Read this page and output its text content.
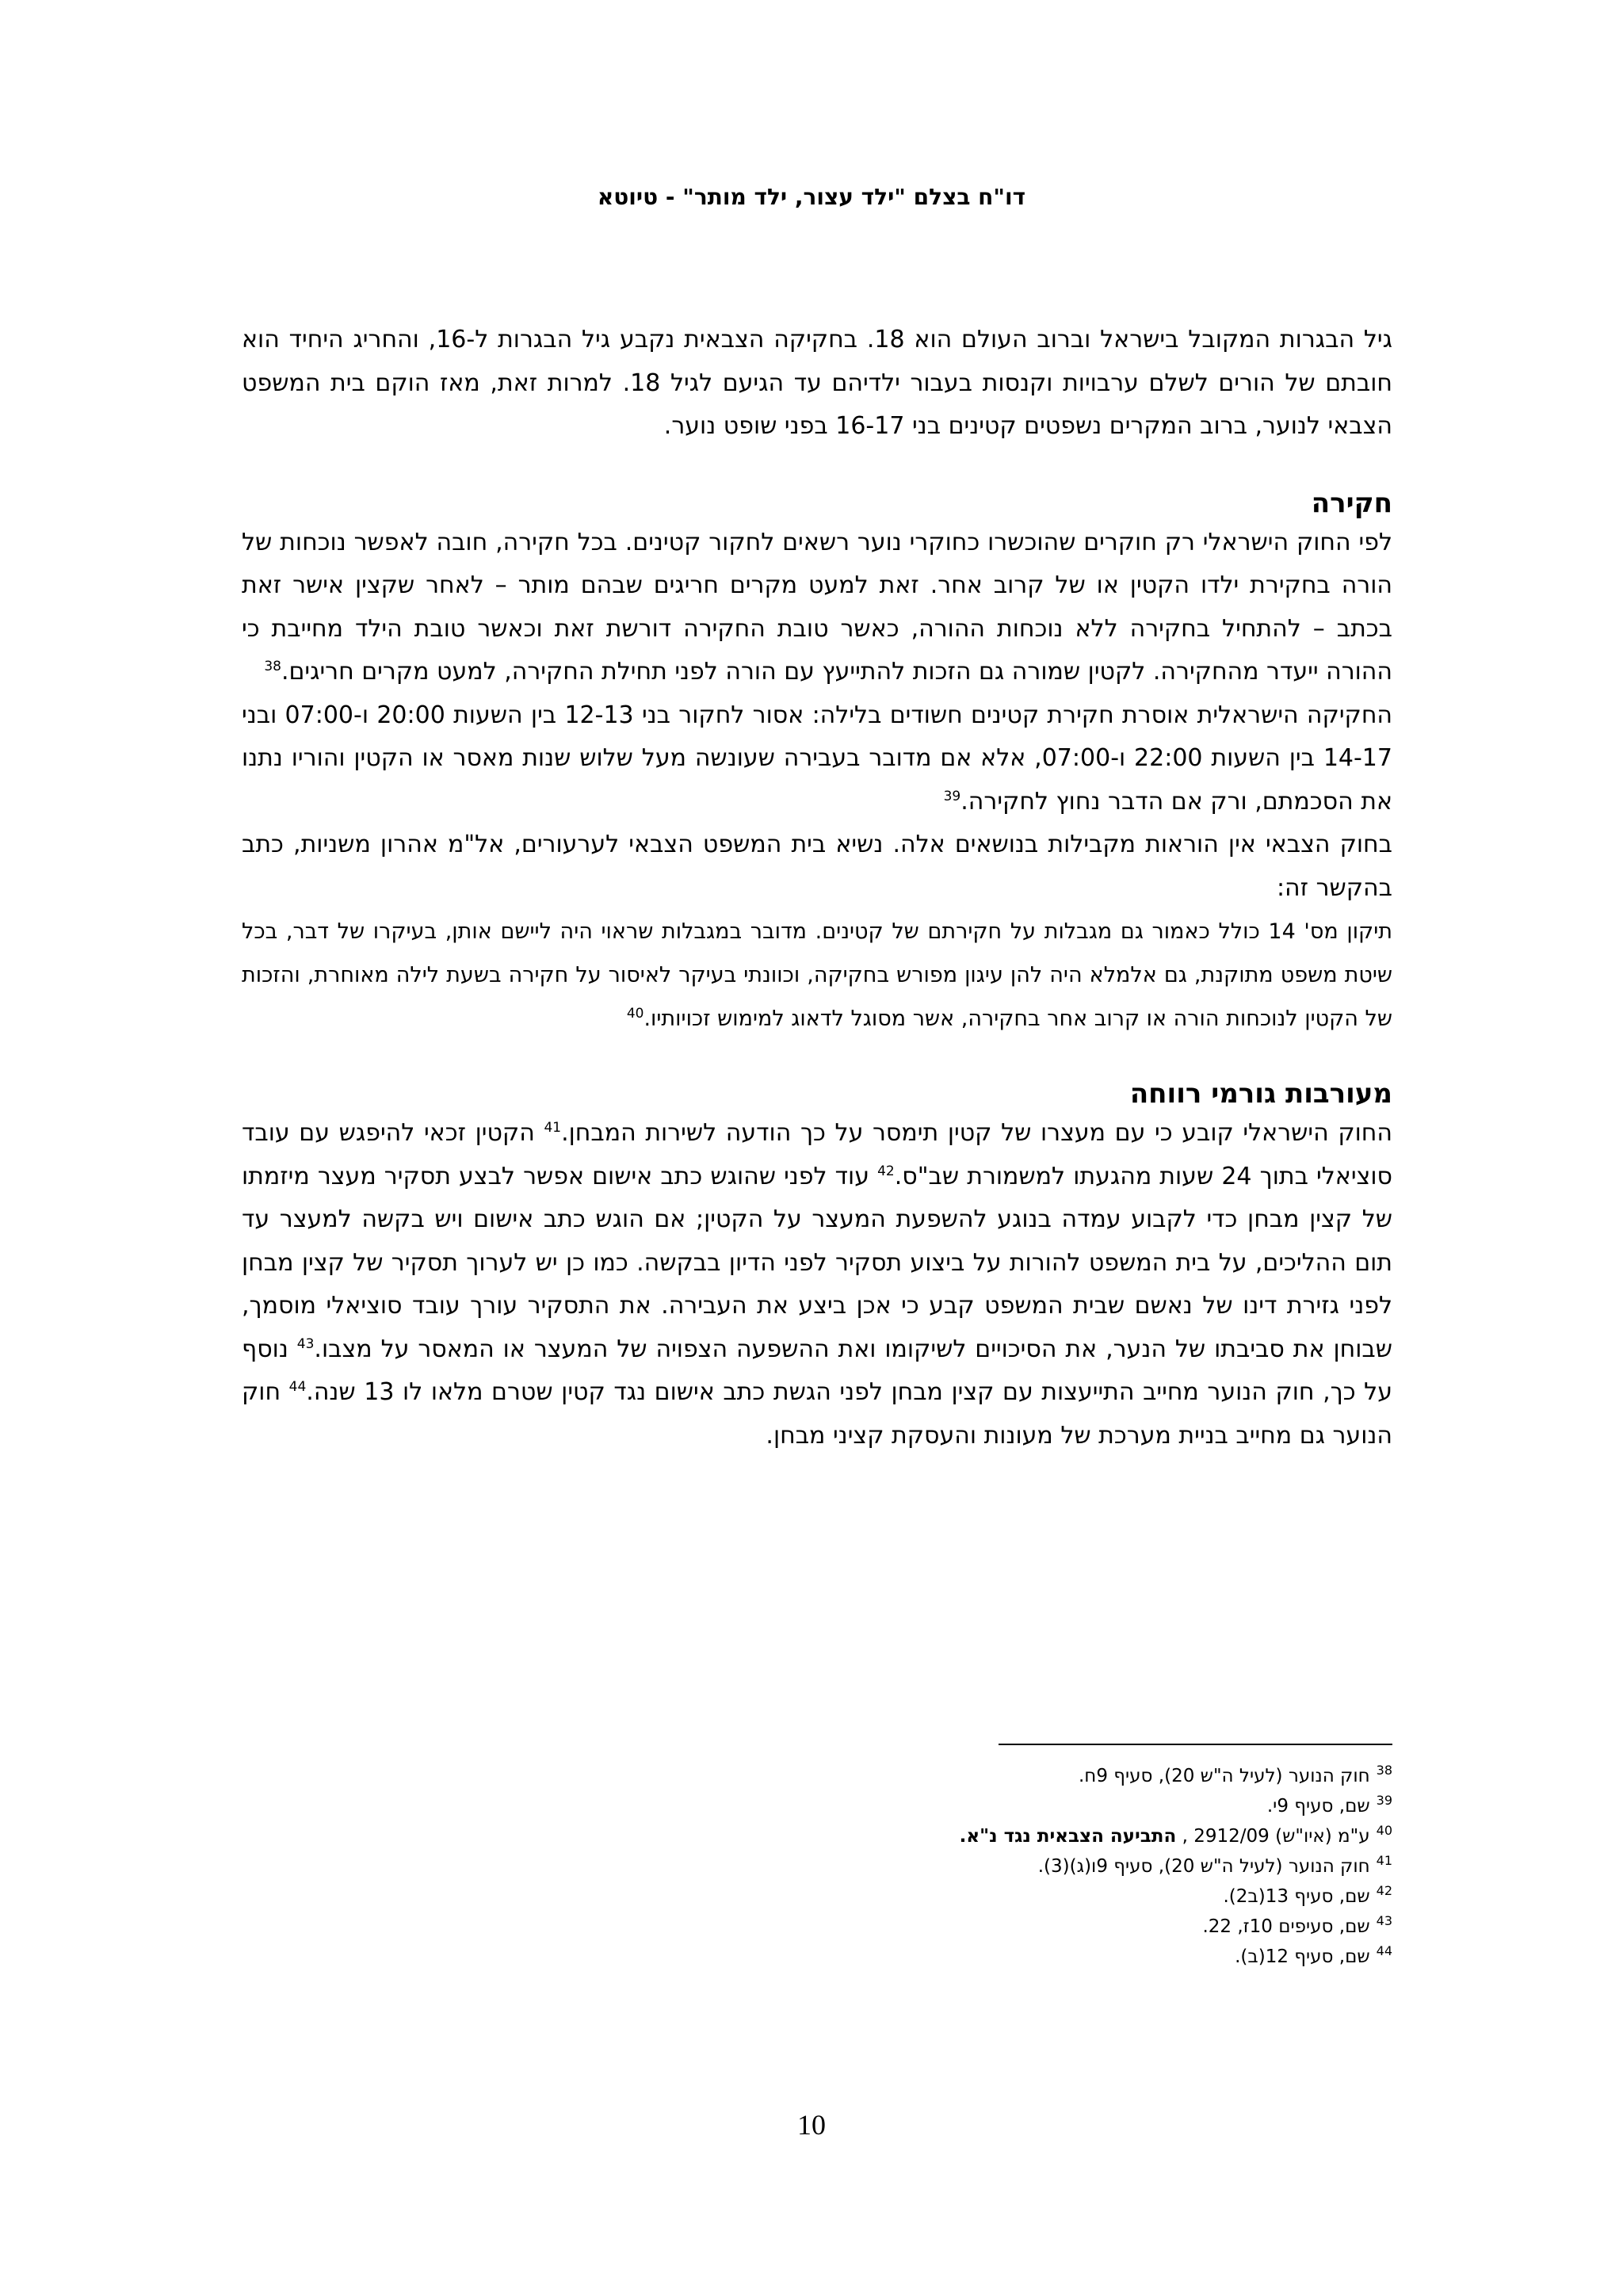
דו"ח בצלם "ילד עצור, ילד מותר" - טיוטא

גיל הבגרות המקובל בישראל וברוב העולם הוא 18. בחקיקה הצבאית נקבע גיל הבגרות ל-16, והחריג היחיד הוא חובתם של הורים לשלם ערבויות וקנסות בעבור ילדיהם עד הגיעם לגיל 18. למרות זאת, מאז הוקם בית המשפט הצבאי לנוער, ברוב המקרים נשפטים קטינים בני 16-17 בפני שופט נוער.

חקירה

לפי החוק הישראלי רק חוקרים שהוכשרו כחוקרי נוער רשאים לחקור קטינים. בכל חקירה, חובה לאפשר נוכחות של הורה בחקירת ילדו הקטין או של קרוב אחר. זאת למעט מקרים חריגים שבהם מותר – לאחר שקצין אישר זאת בכתב – להתחיל בחקירה ללא נוכחות ההורה, כאשר טובת החקירה דורשת זאת וכאשר טובת הילד מחייבת כי ההורה ייעדר מהחקירה. לקטין שמורה גם הזכות להתייעץ עם הורה לפני תחילת החקירה, למעט מקרים חריגים.$^{38}$

החקיקה הישראלית אוסרת חקירת קטינים חשודים בלילה: אסור לחקור בני 12-13 בין השעות 20:00 ו-07:00 ובני 14-17 בין השעות 22:00 ו-07:00, אלא אם מדובר בעבירה שעונשה מעל שלוש שנות מאסר או הקטין והוריו נתנו את הסכמתם, ורק אם הדבר נחוץ לחקירה.$^{39}$

בחוק הצבאי אין הוראות מקבילות בנושאים אלה. נשיא בית המשפט הצבאי לערעורים, אל"מ אהרון משניות, כתב בהקשר זה:

תיקון מס' 14 כולל כאמור גם מגבלות על חקירתם של קטינים. מדובר במגבלות שראוי היה ליישם אותן, בעיקרו של דבר, בכל שיטת משפט מתוקנת, גם אלמלא היה להן עיגון מפורש בחקיקה, וכוונתי בעיקר לאיסור על חקירה בשעת לילה מאוחרת, והזכות של הקטין לנוכחות הורה או קרוב אחר בחקירה, אשר מסוגל לדאוג למימוש זכויותיו.$^{40}$

מעורבות גורמי רווחה

החוק הישראלי קובע כי עם מעצרו של קטין תימסר על כך הודעה לשירות המבחן.$^{41}$ הקטין זכאי להיפגש עם עובד סוציאלי בתוך 24 שעות מהגעתו למשמורת שב"ס.$^{42}$ עוד לפני שהוגש כתב אישום אפשר לבצע תסקיר מעצר מיזמתו של קצין מבחן כדי לקבוע עמדה בנוגע להשפעת המעצר על הקטין; אם הוגש כתב אישום ויש בקשה למעצר עד תום ההליכים, על בית המשפט להורות על ביצוע תסקיר לפני הדיון בבקשה. כמו כן יש לערוך תסקיר של קצין מבחן לפני גזירת דינו של נאשם שבית המשפט קבע כי אכן ביצע את העבירה. את התסקיר עורך עובד סוציאלי מוסמך, שבוחן את סביבתו של הנער, את הסיכויים לשיקומו ואת ההשפעה הצפויה של המעצר או המאסר על מצבו.$^{43}$ נוסף על כך, חוק הנוער מחייב התייעצות עם קצין מבחן לפני הגשת כתב אישום נגד קטין שטרם מלאו לו 13 שנה.$^{44}$ חוק הנוער גם מחייב בניית מערכת של מעונות והעסקת קציני מבחן.

$^{38}$חוק הנוער (לעיל ה"ש 20), סעיף 9ח.
$^{39}$שם, סעיף 9י.
$^{40}$ע"מ (איו"ש) 2912/09 , התביעה הצבאית נגד נ"א.
$^{41}$חוק הנוער (לעיל ה"ש 20), סעיף 9ו(ג)(3).
$^{42}$שם, סעיף 13(ב2).
$^{43}$שם, סעיפים 10ז, 22.
$^{44}$שם, סעיף 12(ב).
10
